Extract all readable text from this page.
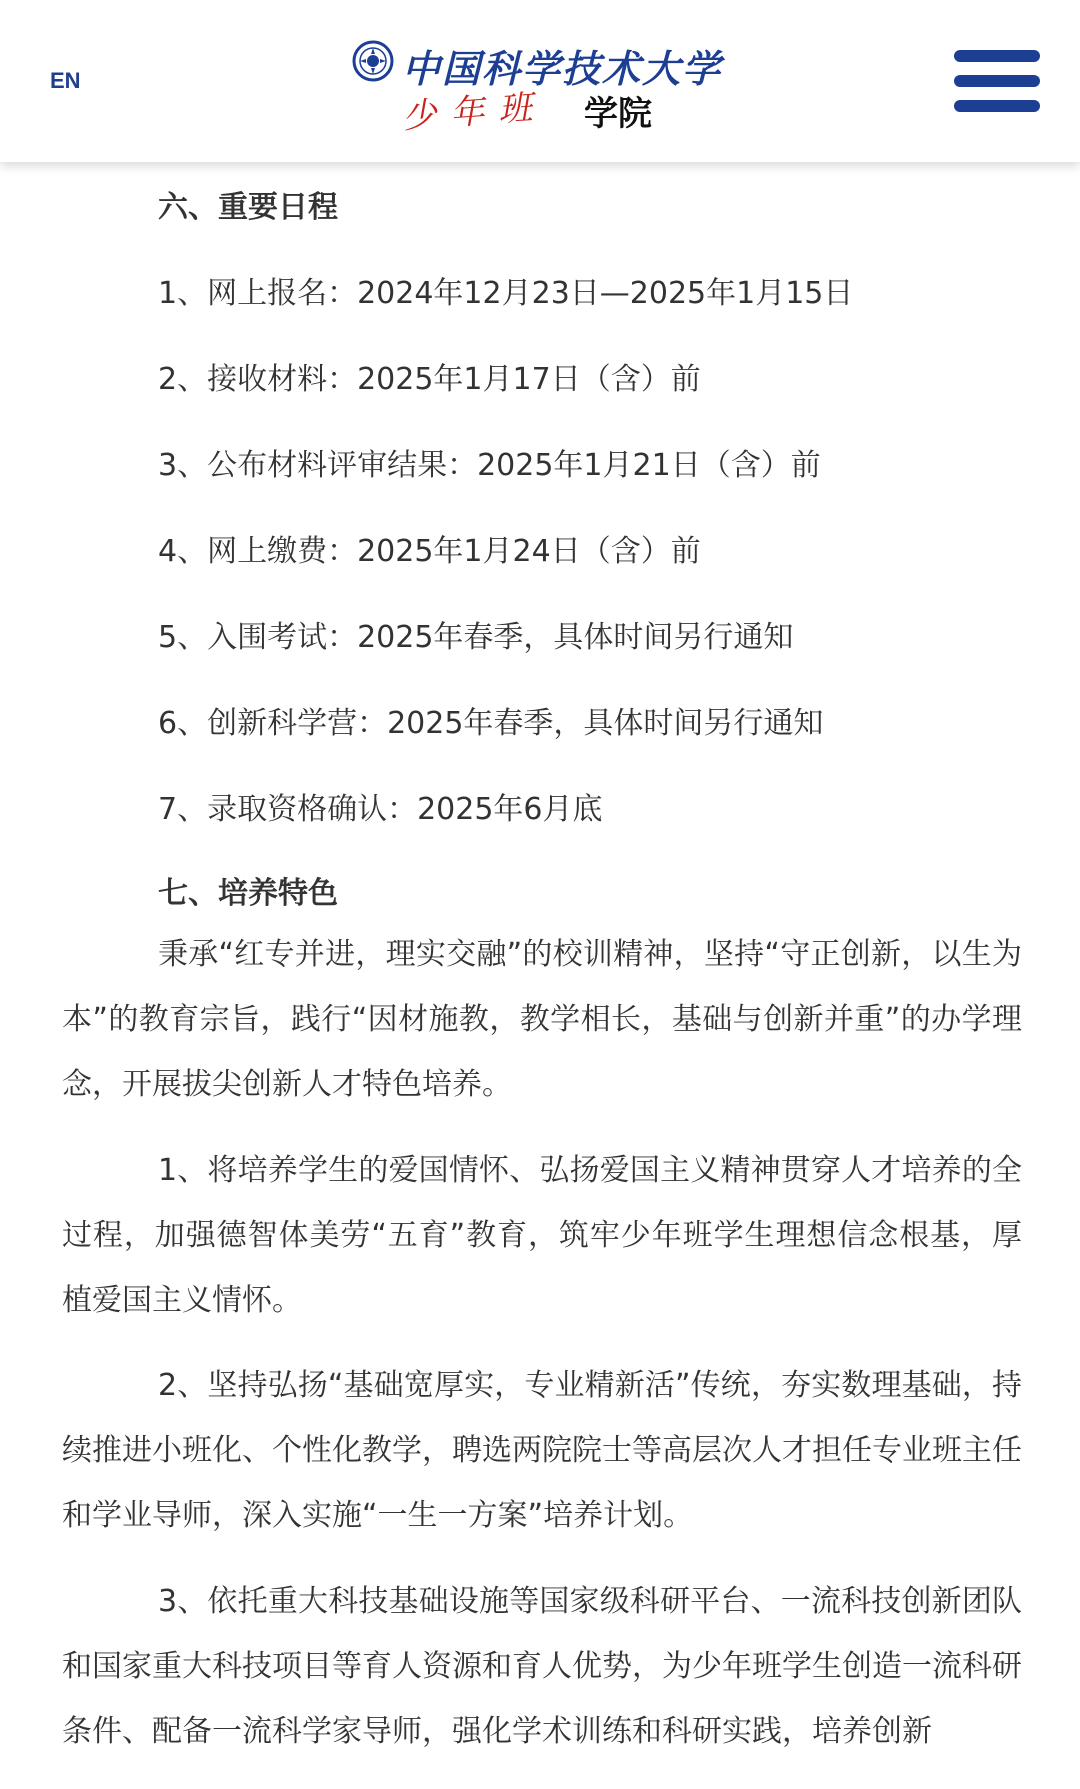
EN	中国科学技术大学
少年班 学院
六、重要日程
1、网上报名：2024年12月23日—2025年1月15日
2、接收材料：2025年1月17日（含）前
3、公布材料评审结果：2025年1月21日（含）前
4、网上缴费：2025年1月24日（含）前
5、入围考试：2025年春季，具体时间另行通知
6、创新科学营：2025年春季，具体时间另行通知
7、录取资格确认：2025年6月底
七、培养特色

秉承“红专并进，理实交融”的校训精神，坚持“守正创新，以生为本”的教育宗旨，践行“因材施教，教学相长，基础与创新并重”的办学理念，开展拔尖创新人才特色培养。

1、将培养学生的爱国情怀、弘扬爱国主义精神贯穿人才培养的全过程，加强德智体美劳“五育”教育，筑牢少年班学生理想信念根基，厚植爱国主义情怀。

2、坚持弘扬“基础宽厚实，专业精新活”传统，夯实数理基础，持续推进小班化、个性化教学，聘选两院院士等高层次人才担任专业班主任和学业导师，深入实施“一生一方案”培养计划。

3、依托重大科技基础设施等国家级科研平台、一流科技创新团队和国家重大科技项目等育人资源和育人优势，为少年班学生创造一流科研条件、配备一流科学家导师，强化学术训练和科研实践，培养创新
